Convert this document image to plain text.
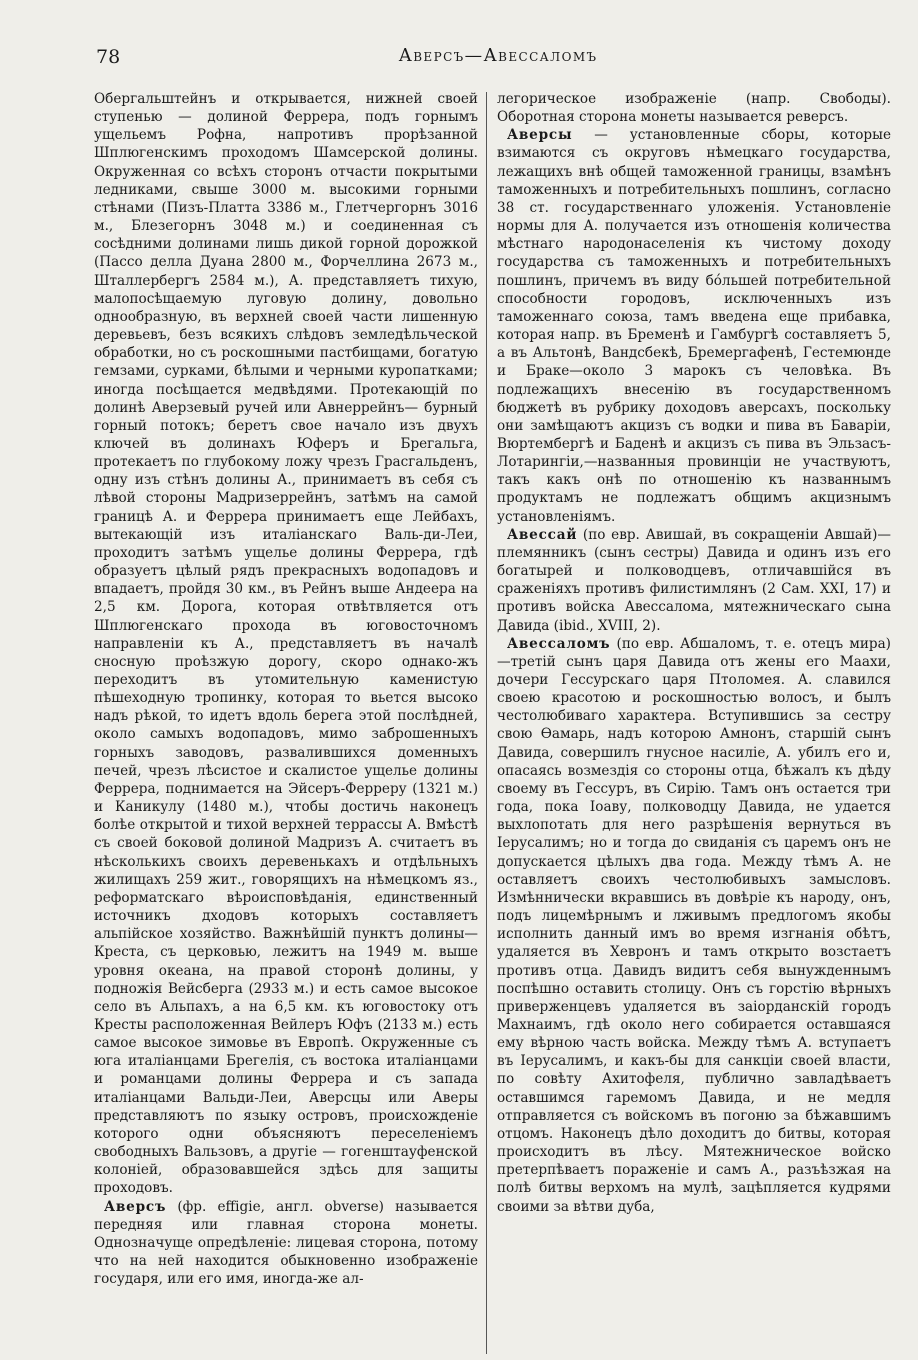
78	Аверсъ—Авессаломъ

Обергальштейнъ и открывается, нижней своей ступенью — долиной Феррера, подъ горнымъ ущельемъ Рофна, напротивъ прорѣзанной Шплюгенскимъ проходомъ Шамсерской долины. Окруженная со всѣхъ сторонъ отчасти покрытыми ледниками, свыше 3000 м. высокими горными стѣнами (Пизъ-Платта 3386 м., Глетчергорнъ 3016 м., Блезегорнъ 3048 м.) и соединенная съ сосѣдними долинами лишь дикой горной дорожкой (Пассо делла Дуана 2800 м., Форчеллина 2673 м., Шталлербергъ 2584 м.), А. представляетъ тихую, малопосѣщаемую луговую долину, довольно однообразную, въ верхней своей части лишенную деревьевъ, безъ всякихъ слѣдовъ земледѣльческой обработки, но съ роскошными пастбищами, богатую гемзами, сурками, бѣлыми и черными куропатками; иногда посѣщается медвѣдями. Протекающій по долинѣ Аверзевый ручей или Авнеррейнъ— бурный горный потокъ; беретъ свое начало изъ двухъ ключей въ долинахъ Юферъ и Брегальга, протекаетъ по глубокому ложу чрезъ Грасгальденъ, одну изъ стѣнъ долины А., принимаетъ въ себя съ лѣвой стороны Мадризеррейнъ, затѣмъ на самой границѣ А. и Феррера принимаетъ еще Лейбахъ, вытекающій изъ италіанскаго Валь-ди-Леи, проходитъ затѣмъ ущелье долины Феррера, гдѣ образуетъ цѣлый рядъ прекрасныхъ водопадовъ и впадаетъ, пройдя 30 км., въ Рейнъ выше Андеера на 2,5 км. Дорога, которая отвѣтвляется отъ Шплюгенскаго прохода въ юговосточномъ направленіи къ А., представляетъ въ началѣ сносную проѣзжую дорогу, скоро однако-жъ переходитъ въ утомительную каменистую пѣшеходную тропинку, которая то вьется высоко надъ рѣкой, то идетъ вдоль берега этой послѣдней, около самыхъ водопадовъ, мимо заброшенныхъ горныхъ заводовъ, развалившихся доменныхъ печей, чрезъ лѣсистое и скалистое ущелье долины Феррера, поднимается на Эйсеръ-Ферреру (1321 м.) и Каникулу (1480 м.), чтобы достичь наконецъ болѣе открытой и тихой верхней террассы А. Вмѣстѣ съ своей боковой долиной Мадризъ А. считаетъ въ нѣсколькихъ своихъ деревенькахъ и отдѣльныхъ жилищахъ 259 жит., говорящихъ на нѣмецкомъ яз., реформатскаго вѣроисповѣданія, единственный источникъ дходовъ которыхъ составляетъ альпійское хозяйство. Важнѣйшій пунктъ долины—Креста, съ церковью, лежитъ на 1949 м. выше уровня океана, на правой сторонѣ долины, у подножія Вейсберга (2933 м.) и есть самое высокое село въ Альпахъ, а на 6,5 км. къ юговостоку отъ Кресты расположенная Вейлеръ Юфъ (2133 м.) есть самое высокое зимовье въ Европѣ. Окруженные съ юга италіанцами Брегелія, съ востока италіанцами и романцами долины Феррера и съ запада италіанцами Вальди-Леи, Аверсцы или Аверы представляютъ по языку островъ, происхожденіе которого одни объясняютъ переселеніемъ свободныхъ Вальзовъ, а другіе — гогенштауфенской колоніей, образовавшейся здѣсь для защиты проходовъ.

Аверсъ (фр. effigie, англ. obverse) называется передняя или главная сторона монеты. Однозначуще опредѣленіе: лицевая сторона, потому что на ней находится обыкновенно изображеніе государя, или его имя, иногда-же ал-

легорическое изображеніе (напр. Свободы). Оборотная сторона монеты называется реверсъ.

Аверсы — установленные сборы, которые взимаются съ округовъ нѣмецкаго государства, лежащихъ внѣ общей таможенной границы, взамѣнъ таможенныхъ и потребительныхъ пошлинъ, согласно 38 ст. государственнаго уложенія. Установленіе нормы для А. получается изъ отношенія количества мѣстнаго народонаселенія къ чистому доходу государства съ таможенныхъ и потребительныхъ пошлинъ, причемъ въ виду бóльшей потребительной способности городовъ, исключенныхъ изъ таможеннаго союза, тамъ введена еще прибавка, которая напр. въ Бременѣ и Гамбургѣ составляетъ 5, а въ Альтонѣ, Вандсбекѣ, Бремергафенѣ, Гестемюнде и Браке—около 3 марокъ съ человѣка. Въ подлежащихъ внесенію въ государственномъ бюджетѣ въ рубрику доходовъ аверсахъ, поскольку они замѣщаютъ акцизъ съ водки и пива въ Баваріи, Вюртембергѣ и Баденѣ и акцизъ съ пива въ Эльзасъ-Лотарингіи,—названныя провинціи не участвуютъ, такъ какъ онѣ по отношенію къ названнымъ продуктамъ не подлежатъ общимъ акцизнымъ установленіямъ.

Авессай (по евр. Авишай, въ сокращеніи Авшай)—племянникъ (сынъ сестры) Давида и одинъ изъ его богатырей и полководцевъ, отличавшійся въ сраженіяхъ противъ филистимлянъ (2 Сам. XXI, 17) и противъ войска Авессалома, мятежническаго сына Давида (ibid., XVIII, 2).

Авессаломъ (по евр. Абшаломъ, т. е. отецъ мира)—третій сынъ царя Давида отъ жены его Маахи, дочери Гессурскаго царя Птоломея. А. славился своею красотою и роскошностью волосъ, и былъ честолюбиваго характера. Вступившись за сестру свою Ѳамарь, надъ которою Амнонъ, старшій сынъ Давида, совершилъ гнусное насиліе, А. убилъ его и, опасаясь возмездія со стороны отца, бѣжалъ къ дѣду своему въ Гессуръ, въ Сирію. Тамъ онъ остается три года, пока Іоаву, полководцу Давида, не удается выхлопотать для него разрѣшенія вернуться въ Іерусалимъ; но и тогда до свиданія съ царемъ онъ не допускается цѣлыхъ два года. Между тѣмъ А. не оставляетъ своихъ честолюбивыхъ замысловъ. Измѣннически вкравшись въ довѣріе къ народу, онъ, подъ лицемѣрнымъ и лживымъ предлогомъ якобы исполнить данный имъ во время изгнанія обѣтъ, удаляется въ Хевронъ и тамъ открыто возстаетъ противъ отца. Давидъ видитъ себя вынужденнымъ поспѣшно оставить столицу. Онъ съ горстію вѣрныхъ приверженцевъ удаляется въ заіорданскій городъ Махнаимъ, гдѣ около него собирается оставшаяся ему вѣрною часть войска. Между тѣмъ А. вступаетъ въ Іерусалимъ, и какъ-бы для санкціи своей власти, по совѣту Ахитофеля, публично завладѣваетъ оставшимся гаремомъ Давида, и не медля отправляется съ войскомъ въ погоню за бѣжавшимъ отцомъ. Наконецъ дѣло доходитъ до битвы, которая происходитъ въ лѣсу. Мятежническое войско претерпѣваетъ пораженіе и самъ А., разъѣзжая на полѣ битвы верхомъ на мулѣ, зацѣпляется кудрями своими за вѣтви дуба,
